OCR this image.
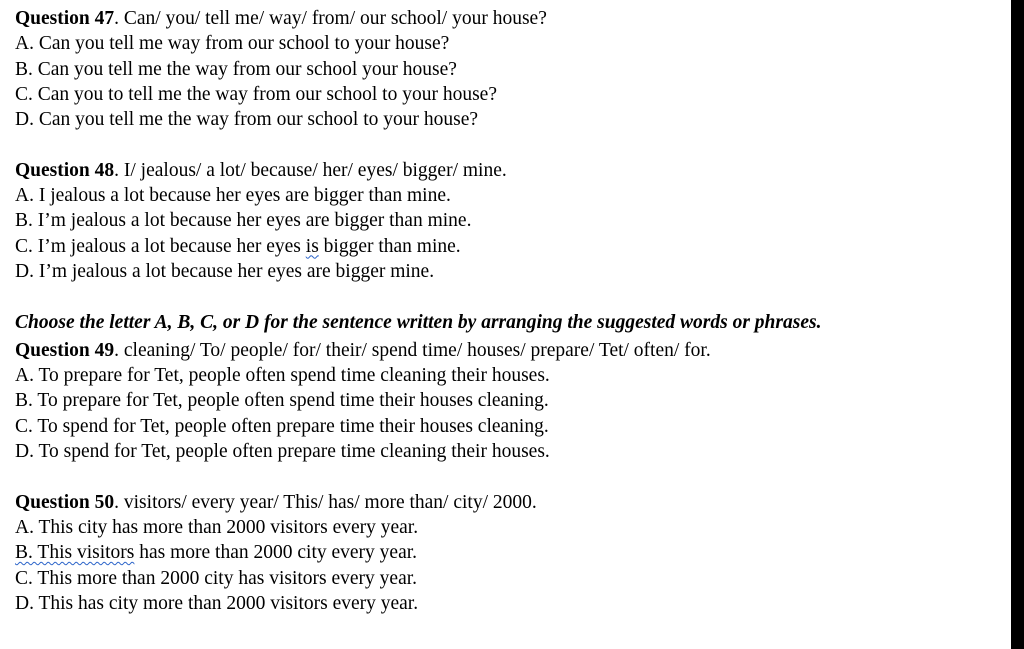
Question 47. Can/ you/ tell me/ way/ from/ our school/ your house?
A. Can you tell me way from our school to your house?
B. Can you tell me the way from our school your house?
C. Can you to tell me the way from our school to your house?
D. Can you tell me the way from our school to your house?
Question 48. I/ jealous/ a lot/ because/ her/ eyes/ bigger/ mine.
A. I jealous a lot because her eyes are bigger than mine.
B. I’m jealous a lot because her eyes are bigger than mine.
C. I’m jealous a lot because her eyes is bigger than mine.
D. I’m jealous a lot because her eyes are bigger mine.
Choose the letter A, B, C, or D for the sentence written by arranging the suggested words or phrases.
Question 49. cleaning/ To/ people/ for/ their/ spend time/ houses/ prepare/ Tet/ often/ for.
A. To prepare for Tet, people often spend time cleaning their houses.
B. To prepare for Tet, people often spend time their houses cleaning.
C. To spend for Tet, people often prepare time their houses cleaning.
D. To spend for Tet, people often prepare time cleaning their houses.
Question 50. visitors/ every year/ This/ has/ more than/ city/ 2000.
A. This city has more than 2000 visitors every year.
B. This visitors has more than 2000 city every year.
C. This more than 2000 city has visitors every year.
D. This has city more than 2000 visitors every year.
